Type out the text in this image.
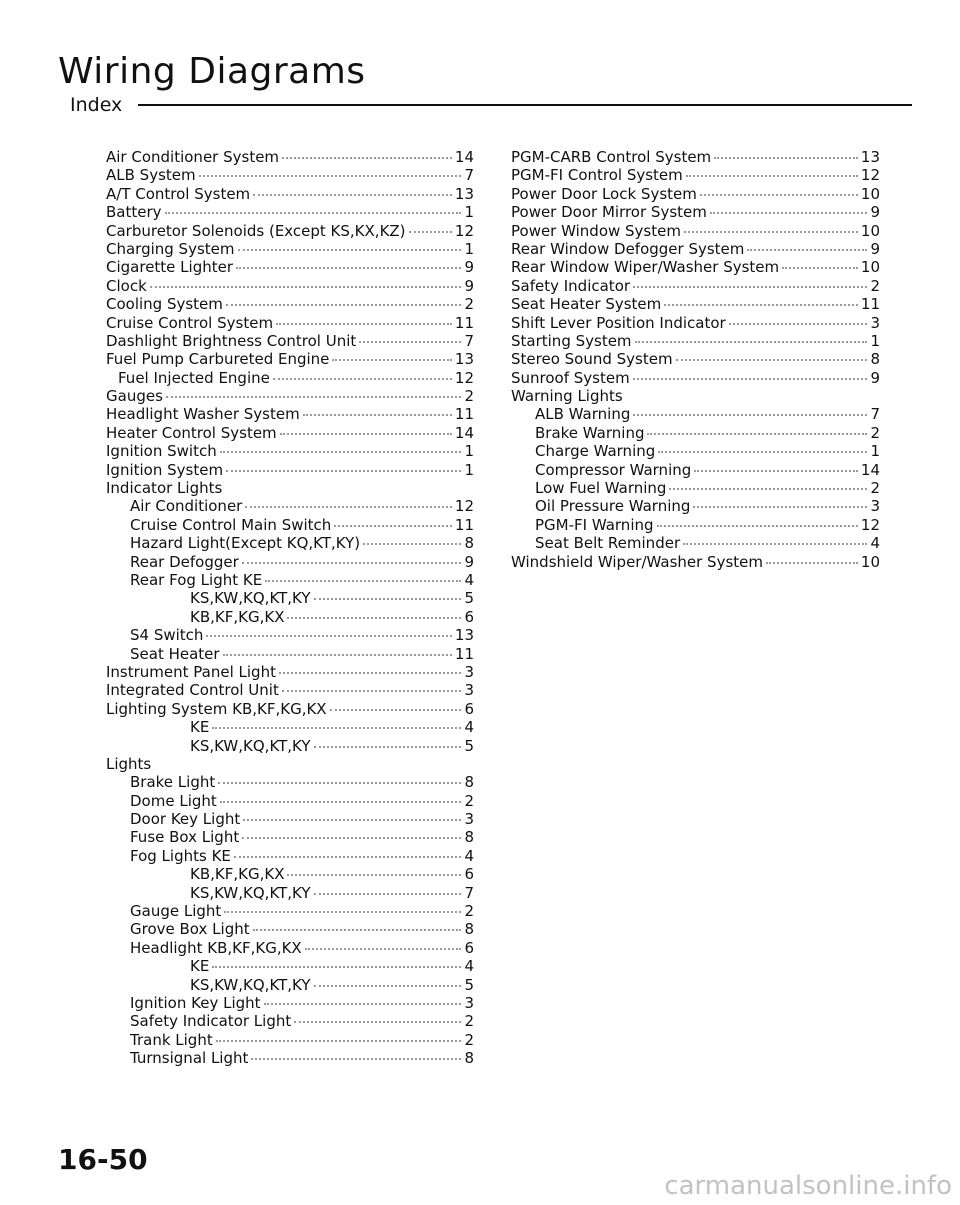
Wiring Diagrams
Index
Air Conditioner System	14
ALB System	7
A/T Control System	13
Battery	1
Carburetor Solenoids (Except KS,KX,KZ)	12
Charging System	1
Cigarette Lighter	9
Clock	9
Cooling System	2
Cruise Control System	11
Dashlight Brightness Control Unit	7
Fuel Pump Carbureted Engine	13
Fuel Injected Engine	12
Gauges	2
Headlight Washer System	11
Heater Control System	14
Ignition Switch	1
Ignition System	1
Indicator Lights
Air Conditioner	12
Cruise Control Main Switch	11
Hazard Light(Except KQ,KT,KY)	8
Rear Defogger	9
Rear Fog Light KE	4
KS,KW,KQ,KT,KY	5
KB,KF,KG,KX	6
S4 Switch	13
Seat Heater	11
Instrument Panel Light	3
Integrated Control Unit	3
Lighting System KB,KF,KG,KX	6
KE	4
KS,KW,KQ,KT,KY	5
Lights
Brake Light	8
Dome Light	2
Door Key Light	3
Fuse Box Light	8
Fog Lights KE	4
KB,KF,KG,KX	6
KS,KW,KQ,KT,KY	7
Gauge Light	2
Grove Box Light	8
Headlight KB,KF,KG,KX	6
KE	4
KS,KW,KQ,KT,KY	5
Ignition Key Light	3
Safety Indicator Light	2
Trank Light	2
Turnsignal Light	8
PGM-CARB Control System	13
PGM-FI Control System	12
Power Door Lock System	10
Power Door Mirror System	9
Power Window System	10
Rear Window Defogger System	9
Rear Window Wiper/Washer System	10
Safety Indicator	2
Seat Heater System	11
Shift Lever Position Indicator	3
Starting System	1
Stereo Sound System	8
Sunroof System	9
Warning Lights
ALB Warning	7
Brake Warning	2
Charge Warning	1
Compressor Warning	14
Low Fuel Warning	2
Oil Pressure Warning	3
PGM-FI Warning	12
Seat Belt Reminder	4
Windshield Wiper/Washer System	10
16-50
carmanualsonline.info
